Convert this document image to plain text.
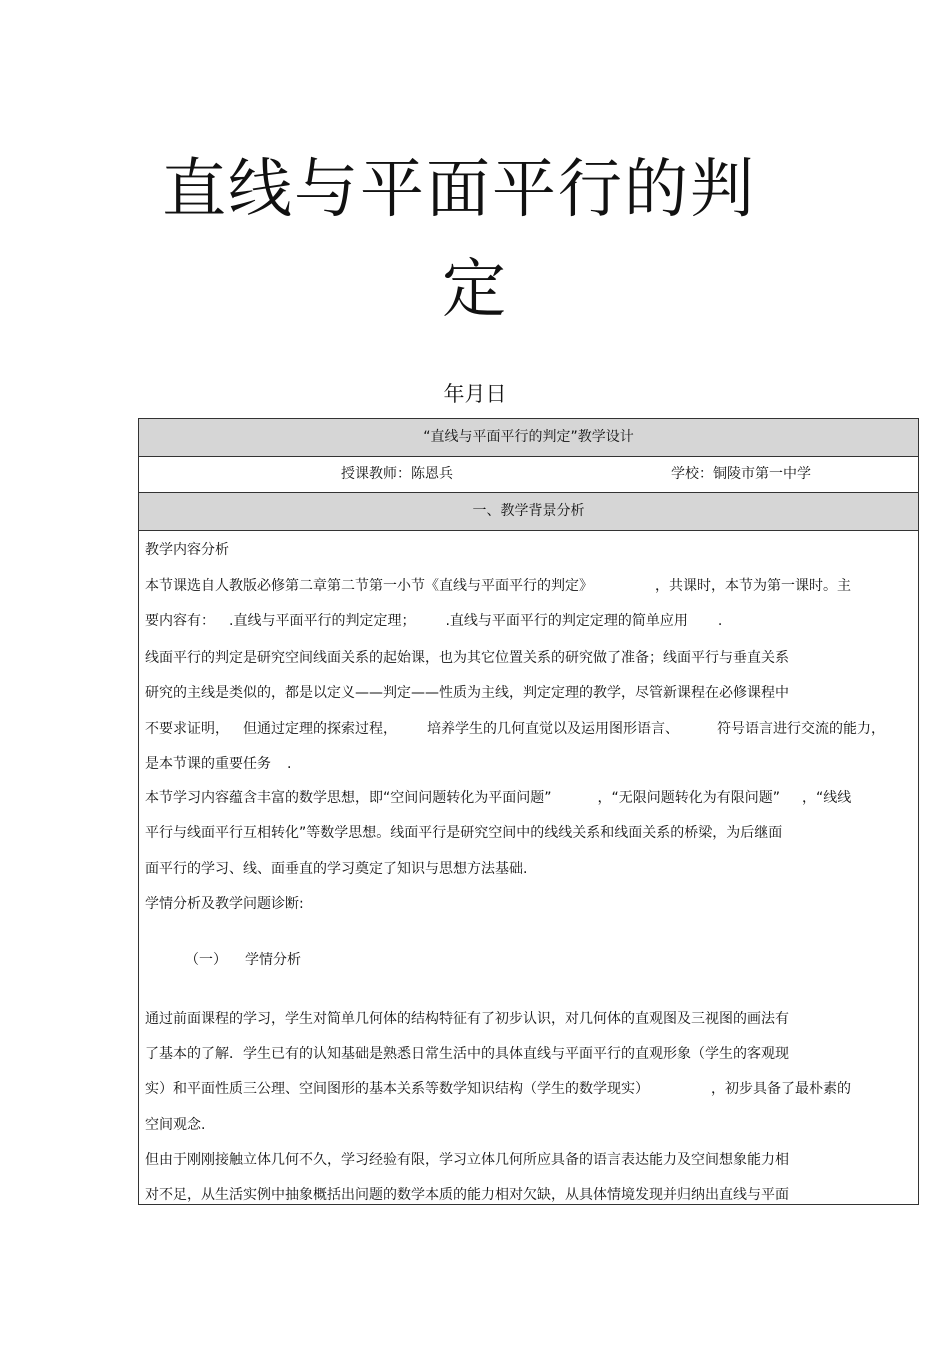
直线与平面平行的判
定
年月日
“直线与平面平行的判定”教学设计
授课教师：陈恩兵	学校：铜陵市第一中学
一、教学背景分析
教学内容分析
本节课选自人教版必修第二章第二节第一小节《直线与平面平行的判定》	，共课时，本节为第一课时。主
要内容有： .直线与平面平行的判定定理； .直线与平面平行的判定定理的简单应用 .
线面平行的判定是研究空间线面关系的起始课，也为其它位置关系的研究做了准备；线面平行与垂直关系
研究的主线是类似的，都是以定义——判定——性质为主线，判定定理的教学，尽管新课程在必修课程中
不要求证明， 但通过定理的探索过程， 培养学生的几何直觉以及运用图形语言、	符号语言进行交流的能力，
是本节课的重要任务 .
本节学习内容蕴含丰富的数学思想，即“空间问题转化为平面问题”	，“无限问题转化为有限问题” ，“线线
平行与线面平行互相转化”等数学思想。线面平行是研究空间中的线线关系和线面关系的桥梁，为后继面
面平行的学习、线、面垂直的学习奠定了知识与思想方法基础.
学情分析及教学问题诊断:
（一） 学情分析
通过前面课程的学习，学生对简单几何体的结构特征有了初步认识，对几何体的直观图及三视图的画法有
了基本的了解．学生已有的认知基础是熟悉日常生活中的具体直线与平面平行的直观形象（学生的客观现
实）和平面性质三公理、空间图形的基本关系等数学知识结构（学生的数学现实）	，初步具备了最朴素的
空间观念.
但由于刚刚接触立体几何不久，学习经验有限，学习立体几何所应具备的语言表达能力及空间想象能力相
对不足，从生活实例中抽象概括出问题的数学本质的能力相对欠缺，从具体情境发现并归纳出直线与平面
